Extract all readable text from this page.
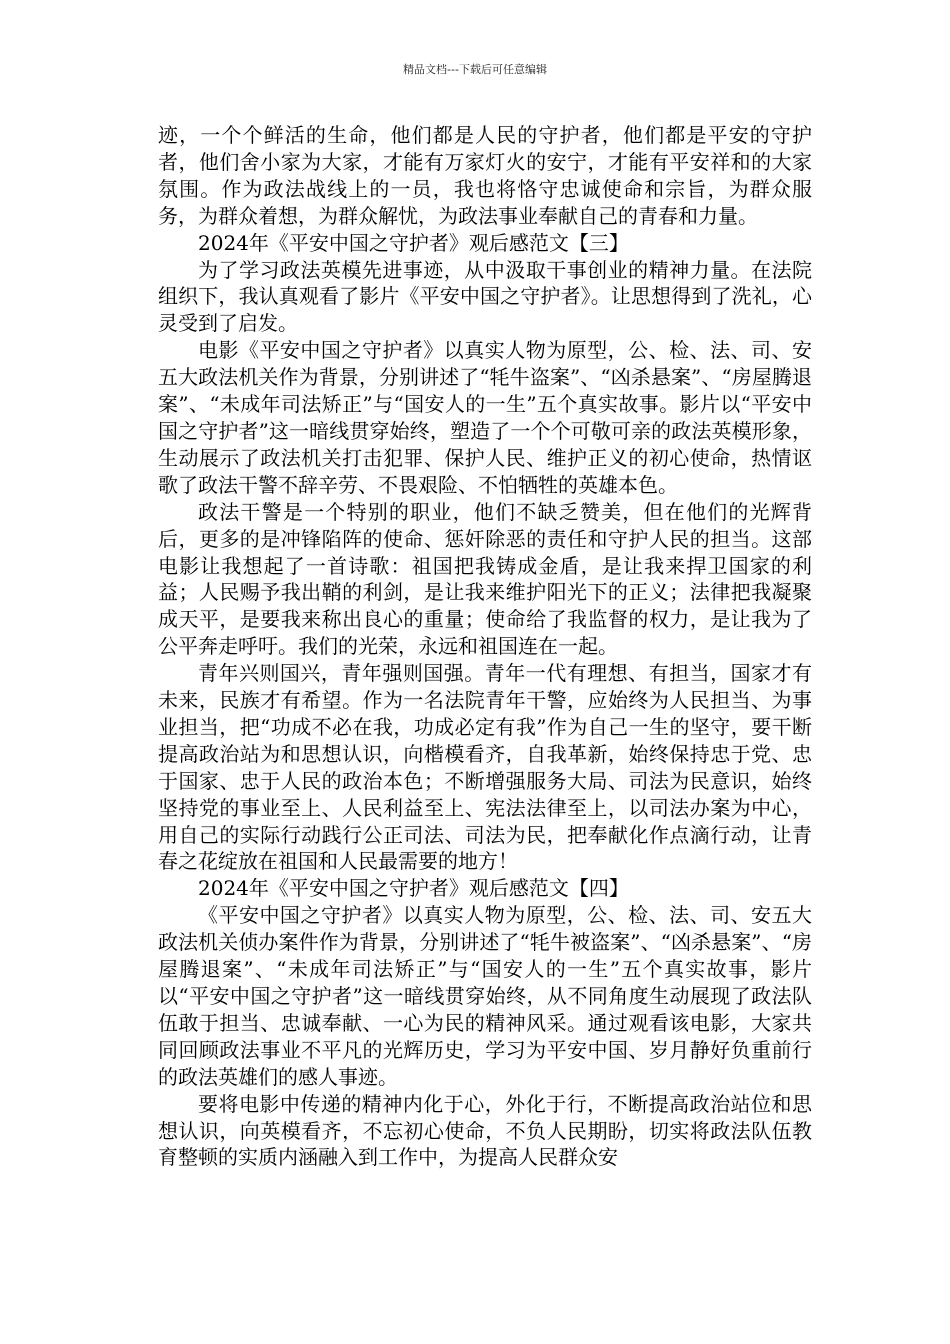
精品文档---下载后可任意编辑

迹，一个个鲜活的生命，他们都是人民的守护者，他们都是平安的守护者，他们舍小家为大家，才能有万家灯火的安宁，才能有平安祥和的大家氛围。作为政法战线上的一员，我也将恪守忠诚使命和宗旨，为群众服务，为群众着想，为群众解忧，为政法事业奉献自己的青春和力量。

2024年《平安中国之守护者》观后感范文【三】

为了学习政法英模先进事迹，从中汲取干事创业的精神力量。在法院组织下，我认真观看了影片《平安中国之守护者》。让思想得到了洗礼，心灵受到了启发。

电影《平安中国之守护者》以真实人物为原型，公、检、法、司、安五大政法机关作为背景，分别讲述了“牦牛盗案”、“凶杀悬案”、“房屋腾退案”、“未成年司法矫正”与“国安人的一生”五个真实故事。影片以“平安中国之守护者”这一暗线贯穿始终，塑造了一个个可敬可亲的政法英模形象，生动展示了政法机关打击犯罪、保护人民、维护正义的初心使命，热情讴歌了政法干警不辞辛劳、不畏艰险、不怕牺牲的英雄本色。

政法干警是一个特别的职业，他们不缺乏赞美，但在他们的光辉背后，更多的是冲锋陷阵的使命、惩奸除恶的责任和守护人民的担当。这部电影让我想起了一首诗歌：祖国把我铸成金盾，是让我来捍卫国家的利益；人民赐予我出鞘的利剑，是让我来维护阳光下的正义；法律把我凝聚成天平，是要我来称出良心的重量；使命给了我监督的权力，是让我为了公平奔走呼吁。我们的光荣，永远和祖国连在一起。

青年兴则国兴，青年强则国强。青年一代有理想、有担当，国家才有未来，民族才有希望。作为一名法院青年干警，应始终为人民担当、为事业担当，把“功成不必在我，功成必定有我”作为自己一生的坚守，要干断提高政治站为和思想认识，向楷模看齐，自我革新，始终保持忠于党、忠于国家、忠于人民的政治本色；不断增强服务大局、司法为民意识，始终坚持党的事业至上、人民利益至上、宪法法律至上，以司法办案为中心，用自己的实际行动践行公正司法、司法为民，把奉献化作点滴行动，让青春之花绽放在祖国和人民最需要的地方！

2024年《平安中国之守护者》观后感范文【四】

《平安中国之守护者》以真实人物为原型，公、检、法、司、安五大政法机关侦办案件作为背景，分别讲述了“牦牛被盗案”、“凶杀悬案”、“房屋腾退案”、“未成年司法矫正”与“国安人的一生”五个真实故事，影片以“平安中国之守护者”这一暗线贯穿始终，从不同角度生动展现了政法队伍敢于担当、忠诚奉献、一心为民的精神风采。通过观看该电影，大家共同回顾政法事业不平凡的光辉历史，学习为平安中国、岁月静好负重前行的政法英雄们的感人事迹。

要将电影中传递的精神内化于心，外化于行，不断提高政治站位和思想认识，向英模看齐，不忘初心使命，不负人民期盼，切实将政法队伍教育整顿的实质内涵融入到工作中，为提高人民群众安
